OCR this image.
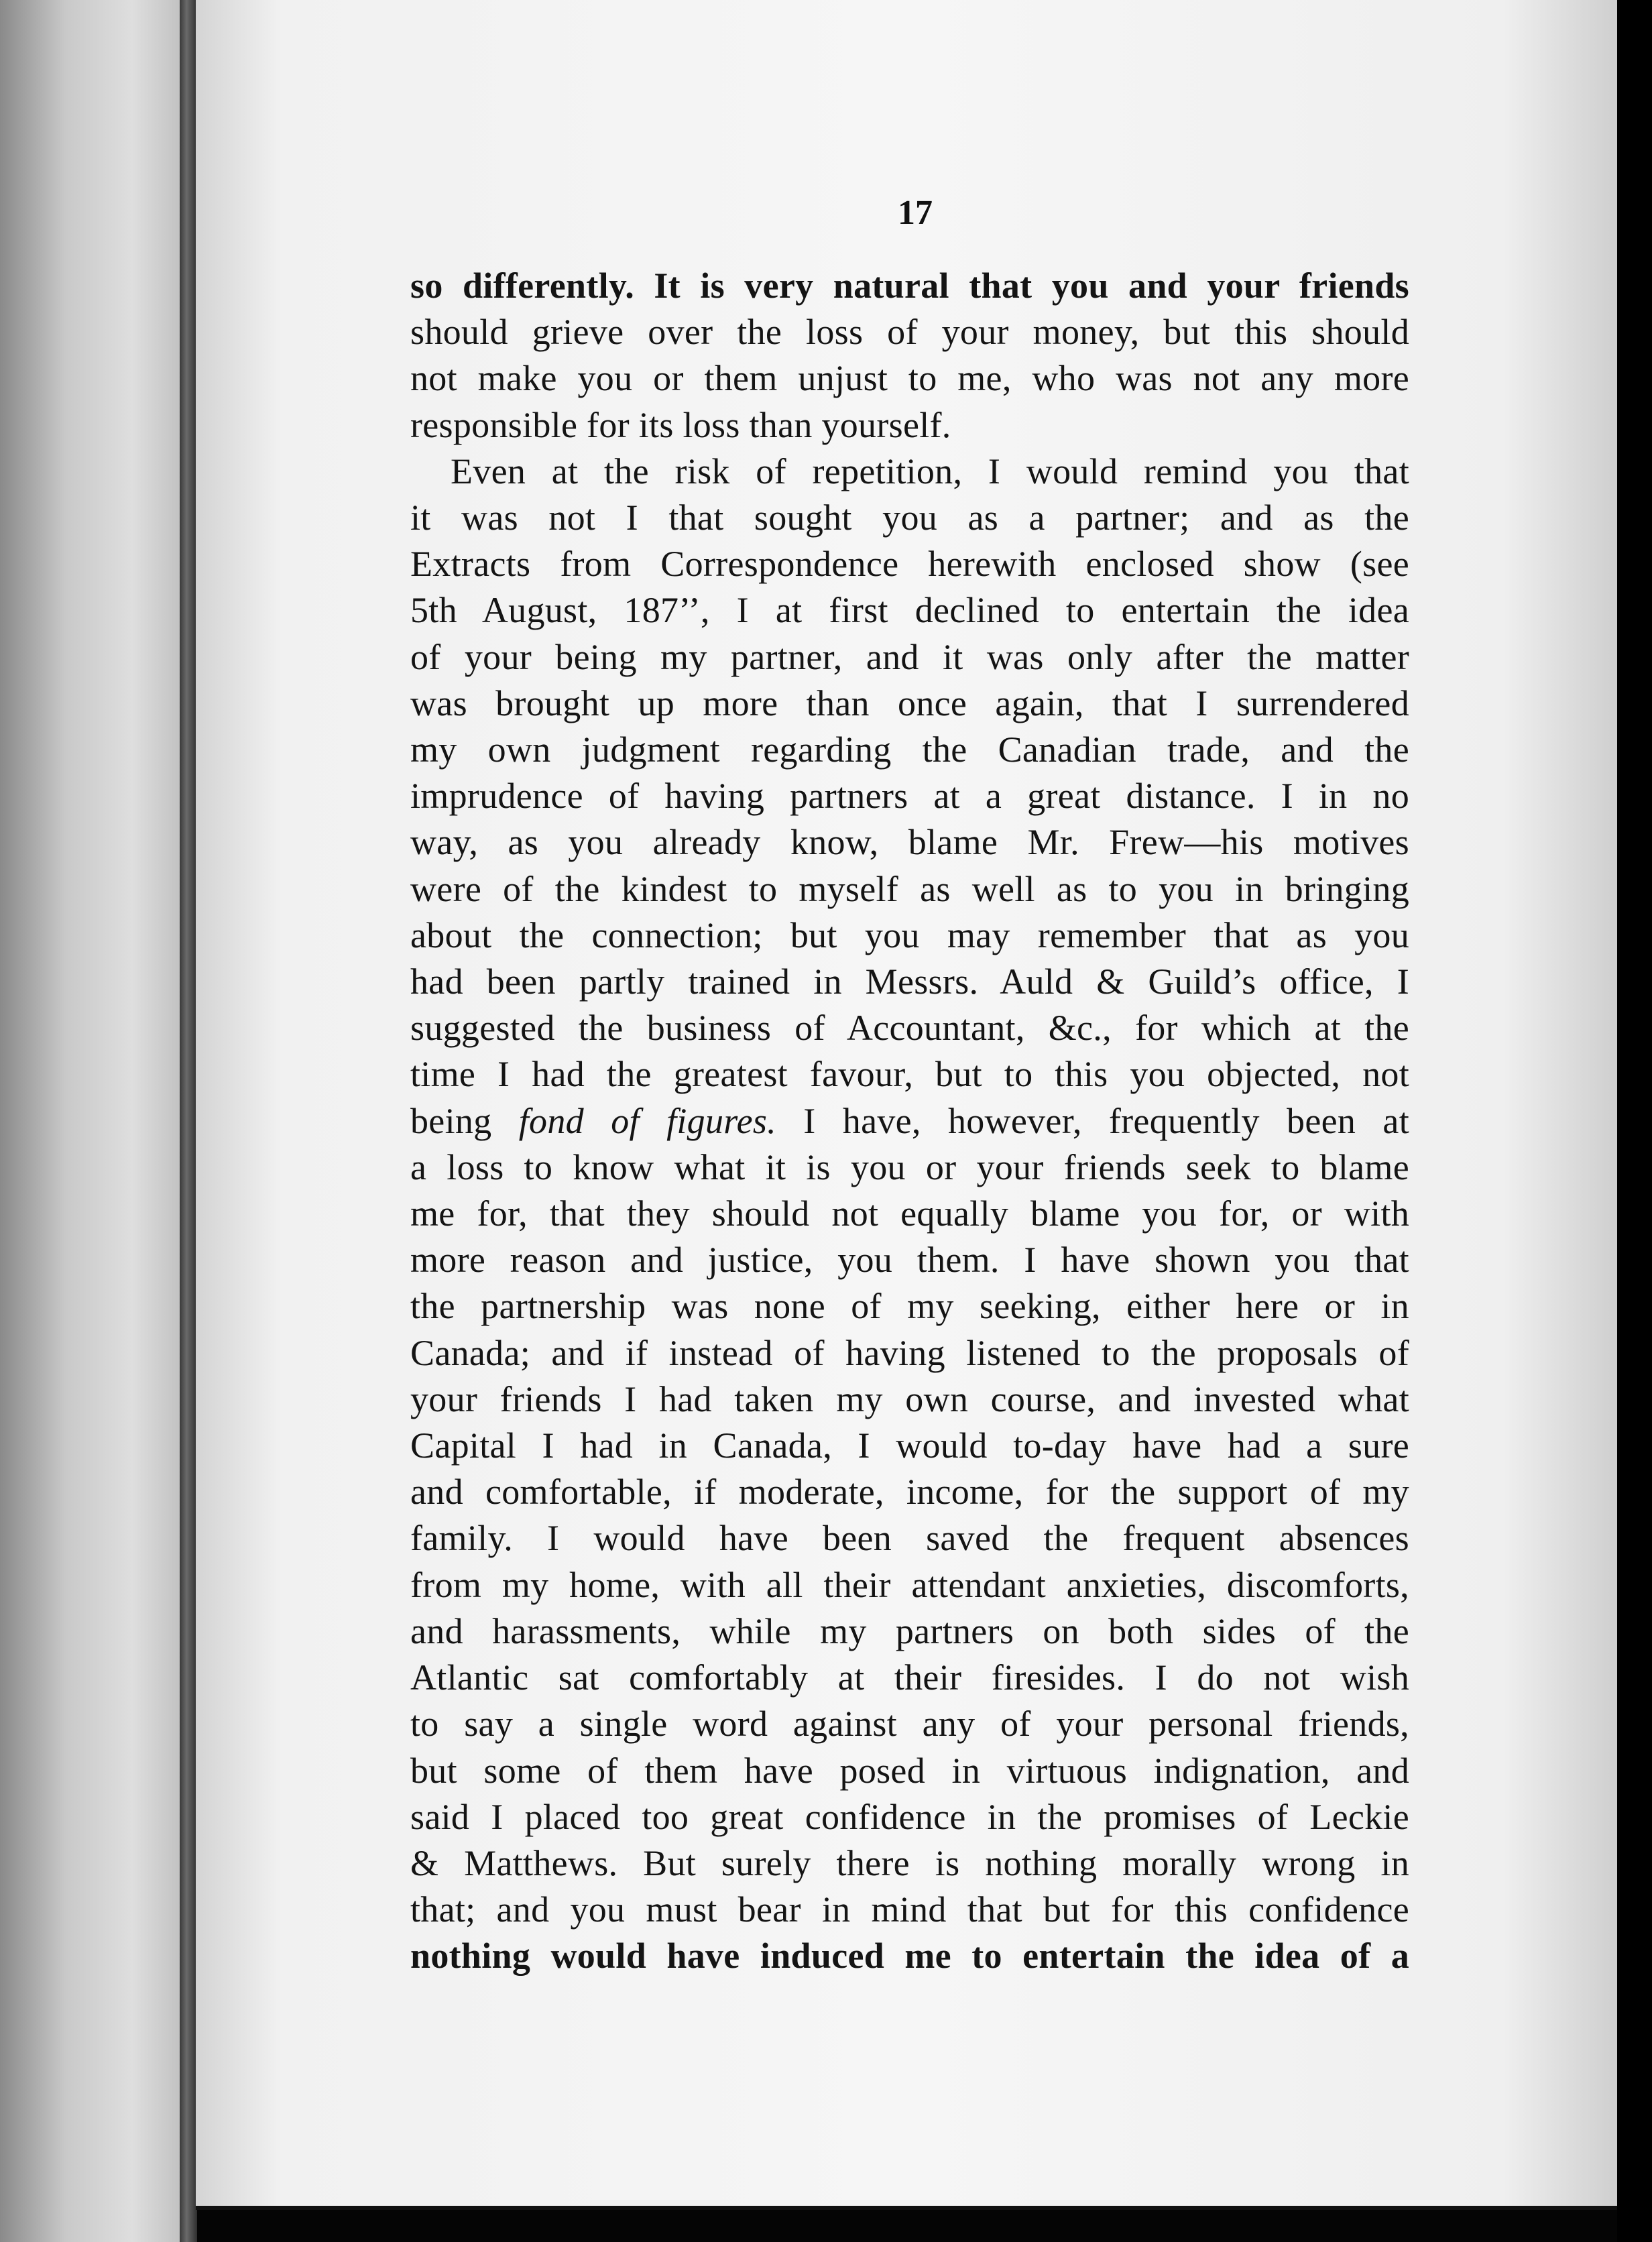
17
so differently. It is very natural that you and your friends
should grieve over the loss of your money, but this should
not make you or them unjust to me, who was not any more
responsible for its loss than yourself.
Even at the risk of repetition, I would remind you that
it was not I that sought you as a partner; and as the
Extracts from Correspondence herewith enclosed show (see
5th August, 187’’, I at first declined to entertain the idea
of your being my partner, and it was only after the matter
was brought up more than once again, that I surrendered
my own judgment regarding the Canadian trade, and the
imprudence of having partners at a great distance. I in no
way, as you already know, blame Mr. Frew—his motives
were of the kindest to myself as well as to you in bringing
about the connection; but you may remember that as you
had been partly trained in Messrs. Auld & Guild’s office, I
suggested the business of Accountant, &c., for which at the
time I had the greatest favour, but to this you objected, not
being fond of figures. I have, however, frequently been at
a loss to know what it is you or your friends seek to blame
me for, that they should not equally blame you for, or with
more reason and justice, you them. I have shown you that
the partnership was none of my seeking, either here or in
Canada; and if instead of having listened to the proposals of
your friends I had taken my own course, and invested what
Capital I had in Canada, I would to-day have had a sure
and comfortable, if moderate, income, for the support of my
family. I would have been saved the frequent absences
from my home, with all their attendant anxieties, discomforts,
and harassments, while my partners on both sides of the
Atlantic sat comfortably at their firesides. I do not wish
to say a single word against any of your personal friends,
but some of them have posed in virtuous indignation, and
said I placed too great confidence in the promises of Leckie
& Matthews. But surely there is nothing morally wrong in
that; and you must bear in mind that but for this confidence
nothing would have induced me to entertain the idea of a
